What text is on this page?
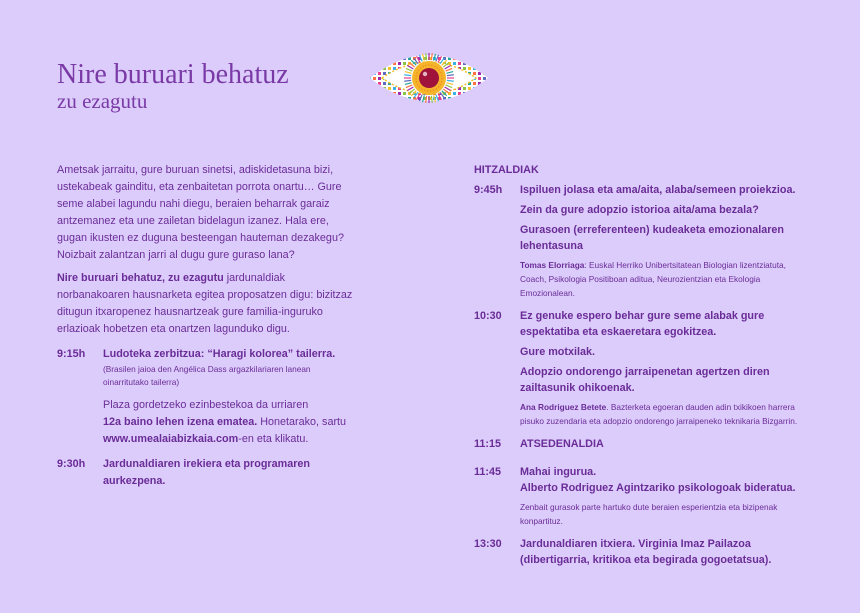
Nire buruari behatuz
zu ezagutu

Ametsak jarraitu, gure buruan sinetsi, adiskidetasuna bizi, ustekabeak gainditu, eta zenbaitetan porrota onartu… Gure seme alabei lagundu nahi diegu, beraien beharrak garaiz antzemanez eta une zailetan bidelagun izanez. Hala ere, gugan ikusten ez duguna besteengan hauteman dezakegu? Noizbait zalantzan jarri al dugu gure guraso lana?

Nire buruari behatuz, zu ezagutu jardunaldiak norbanakoaren hausnarketa egitea proposatzen digu: bizitzaz ditugun itxaropenez hausnartzeak gure familia-inguruko erlazioak hobetzen eta onartzen lagunduko digu.

9:15h	Ludoteka zerbitzua: “Haragi kolorea” tailerra.
(Brasilen jaioa den Angélica Dass argazkilariaren lanean oinarritutako tailerra)
Plaza gordetzeko ezinbestekoa da urriaren
12a baino lehen izena ematea. Honetarako, sartu
www.umealaiabizkaia.com-en eta klikatu.
9:30h	Jardunaldiaren irekiera eta programaren aurkezpena.
HITZALDIAK
9:45h	Ispiluen jolasa eta ama/aita, alaba/semeen proiekzioa.
Zein da gure adopzio istorioa aita/ama bezala?
Gurasoen (erreferenteen) kudeaketa emozionalaren lehentasuna
Tomas Elorriaga: Euskal Herriko Unibertsitatean Biologian lizentziatuta, Coach, Psikologia Positiboan aditua, Neurozientzian eta Ekologia Emozionalean.
10:30	Ez genuke espero behar gure seme alabak gure espektatiba eta eskaeretara egokitzea.
Gure motxilak.
Adopzio ondorengo jarraipenetan agertzen diren zailtasunik ohikoenak.
Ana Rodriguez Betete. Bazterketa egoeran dauden adin txikikoen harrera pisuko zuzendaria eta adopzio ondorengo jarraipeneko teknikaria Bizgarrin.
11:15	ATSEDENALDIA
11:45	Mahai ingurua.
Alberto Rodriguez Agintzariko psikologoak bideratua.
Zenbait gurasok parte hartuko dute beraien esperientzia eta bizipenak konpartituz.
13:30	Jardunaldiaren itxiera. Virginia Imaz Pailazoa (dibertigarria, kritikoa eta begirada gogoetatsua).
